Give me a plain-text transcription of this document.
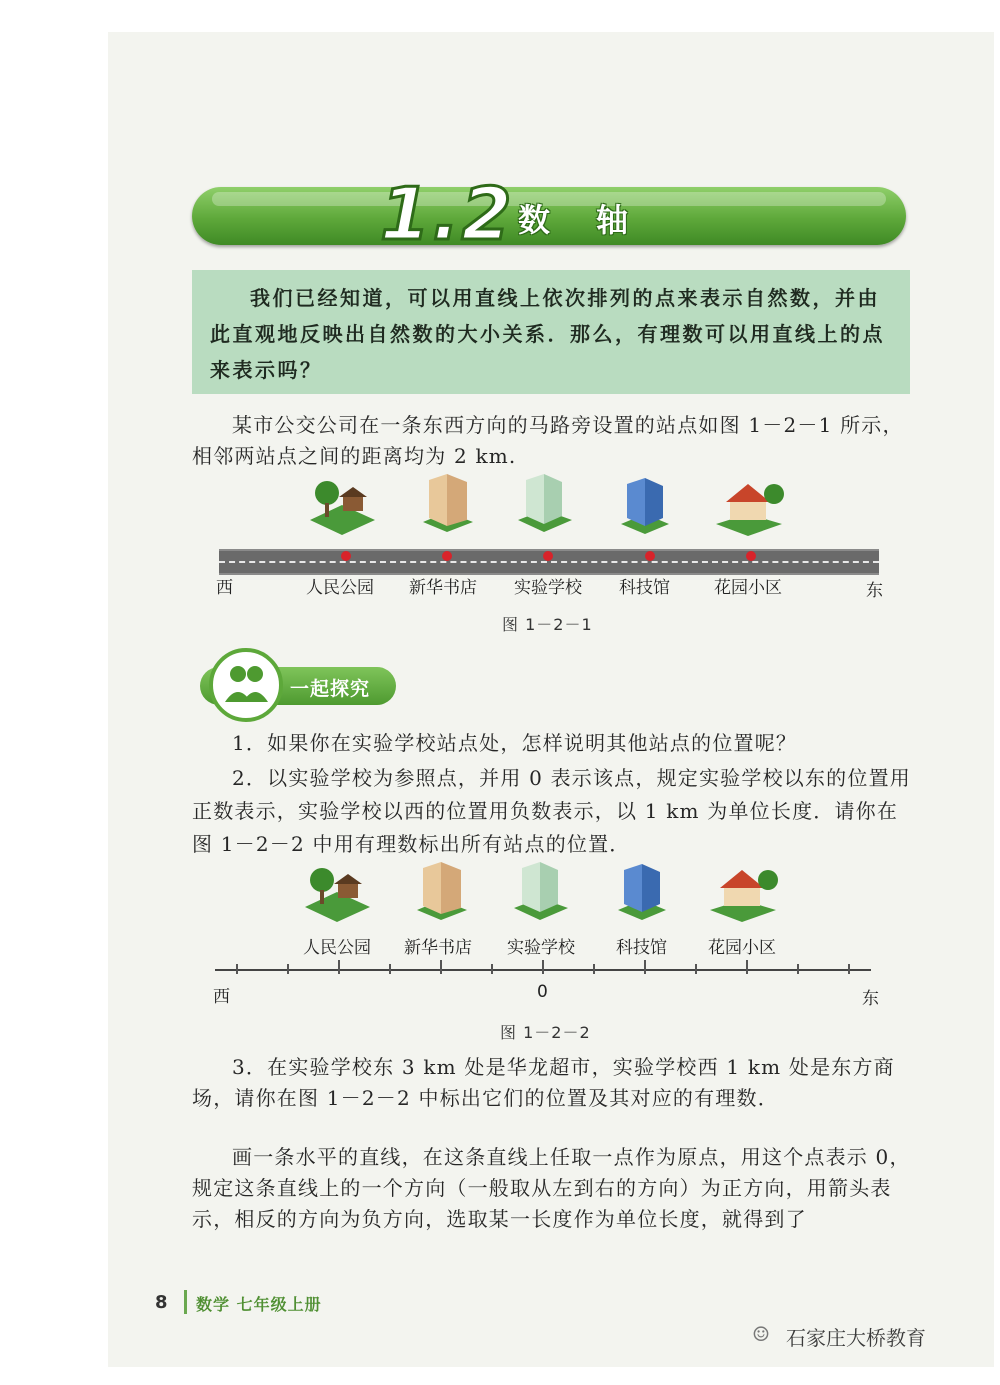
1.2 数轴
我们已经知道，可以用直线上依次排列的点来表示自然数，并由此直观地反映出自然数的大小关系．那么，有理数可以用直线上的点来表示吗？
某市公交公司在一条东西方向的马路旁设置的站点如图 1－2－1 所示，相邻两站点之间的距离均为 2 km.
西	人民公园 新华书店 实验学校 科技馆	花园小区	东
图 1－2－1
一起探究
1．如果你在实验学校站点处，怎样说明其他站点的位置呢？
2．以实验学校为参照点，并用 0 表示该点，规定实验学校以东的位置用正数表示，实验学校以西的位置用负数表示，以 1 km 为单位长度．请你在图 1－2－2 中用有理数标出所有站点的位置．
人民公园 新华书店 实验学校 科技馆 花园小区
西	0	东
图 1－2－2
3．在实验学校东 3 km 处是华龙超市，实验学校西 1 km 处是东方商场，请你在图 1－2－2 中标出它们的位置及其对应的有理数．
画一条水平的直线，在这条直线上任取一点作为原点，用这个点表示 0，规定这条直线上的一个方向（一般取从左到右的方向）为正方向，用箭头表示，相反的方向为负方向，选取某一长度作为单位长度，就得到了
8 数学 七年级上册
☺ 石家庄大桥教育
